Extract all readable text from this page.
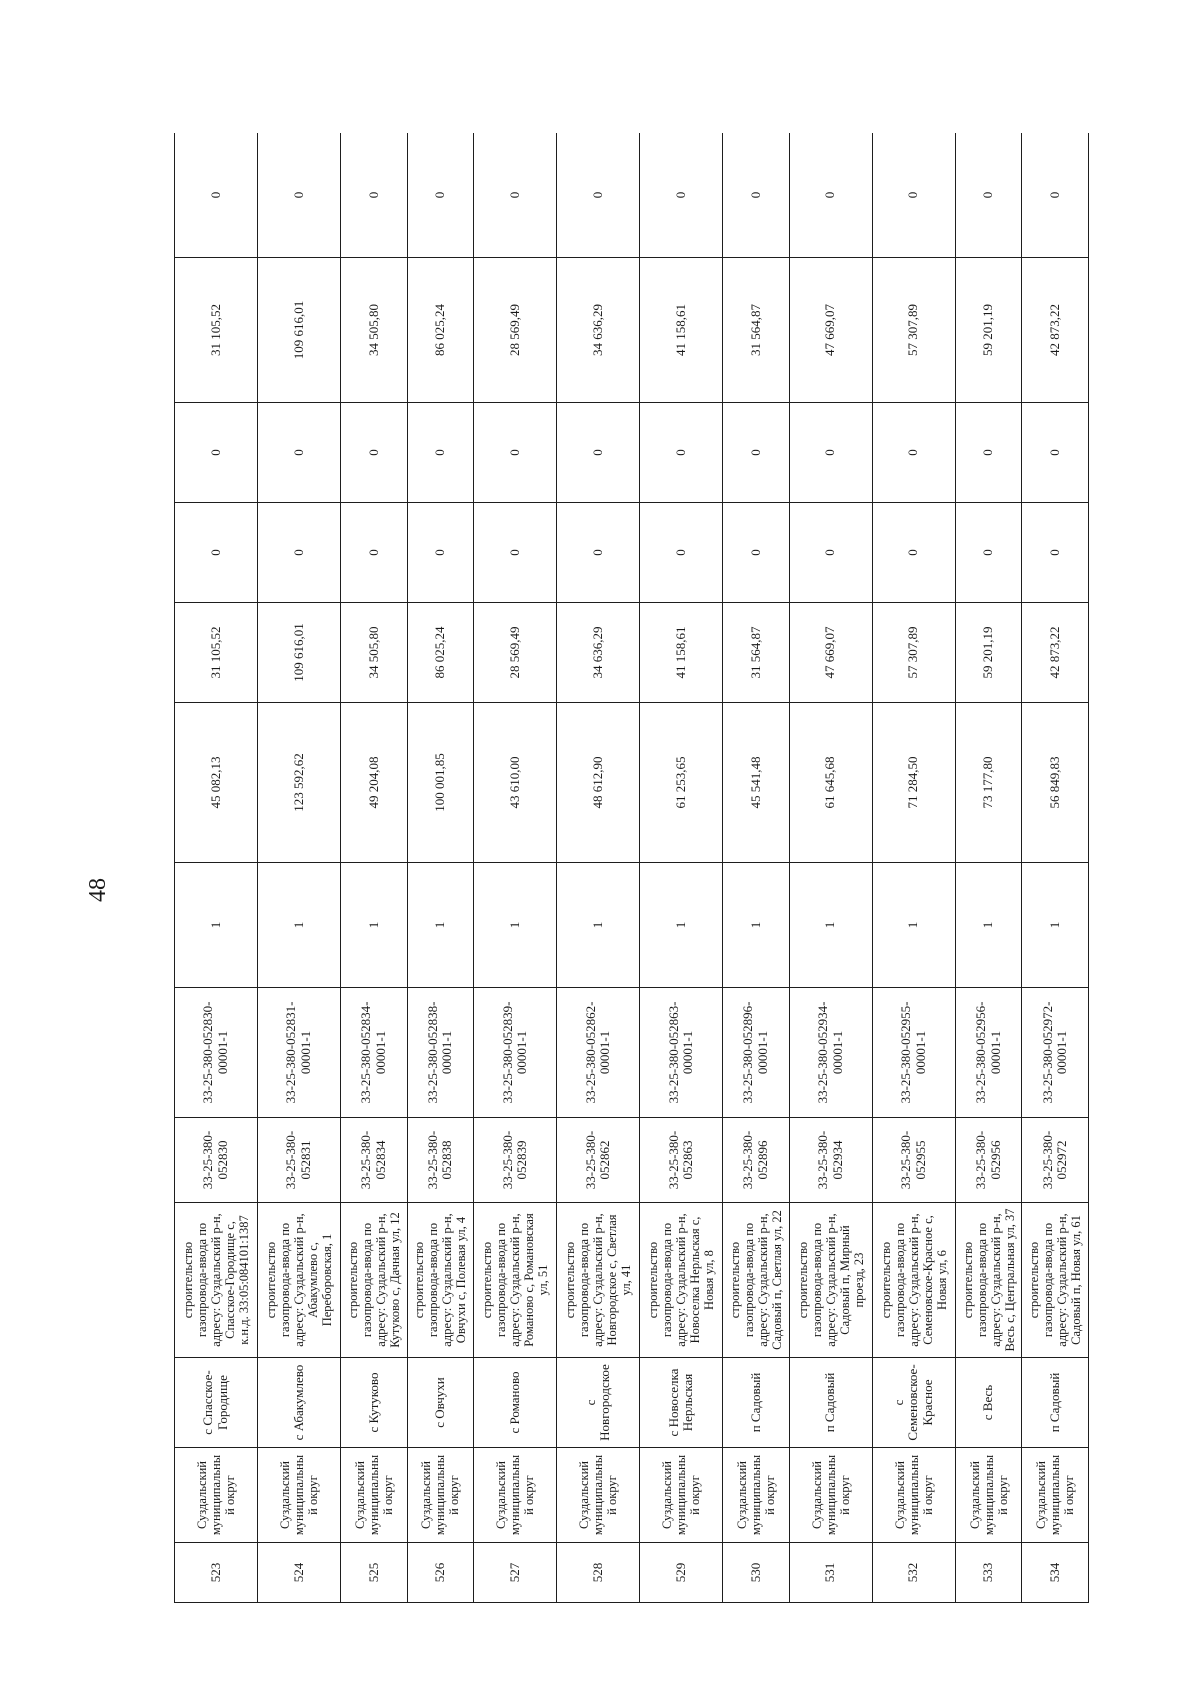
48
523	Суздальский муниципальны й округ	с Спасское-Городище	строительство газопровода-ввода по адресу: Суздальский р-н, Спасское-Городище с, к.н.д. 33:05:084101:1387	33-25-380-052830	33-25-380-052830-00001-1	1	45 082,13	31 105,52	0	0	31 105,52	0
524	Суздальский муниципальны й округ	с Абакумлево	строительство газопровода-ввода по адресу: Суздальский р-н, Абакумлево с, Переборовская, 1	33-25-380-052831	33-25-380-052831-00001-1	1	123 592,62	109 616,01	0	0	109 616,01	0
525	Суздальский муниципальны й округ	с Кутуково	строительство газопровода-ввода по адресу: Суздальский р-н, Кутуково с, Дачная ул, 12	33-25-380-052834	33-25-380-052834-00001-1	1	49 204,08	34 505,80	0	0	34 505,80	0
526	Суздальский муниципальны й округ	с Овчухи	строительство газопровода-ввода по адресу: Суздальский р-н, Овчухи с, Полевая ул, 4	33-25-380-052838	33-25-380-052838-00001-1	1	100 001,85	86 025,24	0	0	86 025,24	0
527	Суздальский муниципальны й округ	с Романово	строительство газопровода-ввода по адресу: Суздальский р-н, Романово с, Романовская ул, 51	33-25-380-052839	33-25-380-052839-00001-1	1	43 610,00	28 569,49	0	0	28 569,49	0
528	Суздальский муниципальны й округ	с Новгородское	строительство газопровода-ввода по адресу: Суздальский р-н, Новгородское с, Светлая ул, 41	33-25-380-052862	33-25-380-052862-00001-1	1	48 612,90	34 636,29	0	0	34 636,29	0
529	Суздальский муниципальны й округ	с Новоселка Нерльская	строительство газопровода-ввода по адресу: Суздальский р-н, Новоселка Нерльская с, Новая ул, 8	33-25-380-052863	33-25-380-052863-00001-1	1	61 253,65	41 158,61	0	0	41 158,61	0
530	Суздальский муниципальны й округ	п Садовый	строительство газопровода-ввода по адресу: Суздальский р-н, Садовый п, Светлая ул, 22	33-25-380-052896	33-25-380-052896-00001-1	1	45 541,48	31 564,87	0	0	31 564,87	0
531	Суздальский муниципальны й округ	п Садовый	строительство газопровода-ввода по адресу: Суздальский р-н, Садовый п, Мирный проезд, 23	33-25-380-052934	33-25-380-052934-00001-1	1	61 645,68	47 669,07	0	0	47 669,07	0
532	Суздальский муниципальны й округ	с Семеновское-Красное	строительство газопровода-ввода по адресу: Суздальский р-н, Семеновское-Красное с, Новая ул, 6	33-25-380-052955	33-25-380-052955-00001-1	1	71 284,50	57 307,89	0	0	57 307,89	0
533	Суздальский муниципальны й округ	с Весь	строительство газопровода-ввода по адресу: Суздальский р-н, Весь с, Центральная ул, 37	33-25-380-052956	33-25-380-052956-00001-1	1	73 177,80	59 201,19	0	0	59 201,19	0
534	Суздальский муниципальны й округ	п Садовый	строительство газопровода-ввода по адресу: Суздальский р-н, Садовый п, Новая ул, 61	33-25-380-052972	33-25-380-052972-00001-1	1	56 849,83	42 873,22	0	0	42 873,22	0
